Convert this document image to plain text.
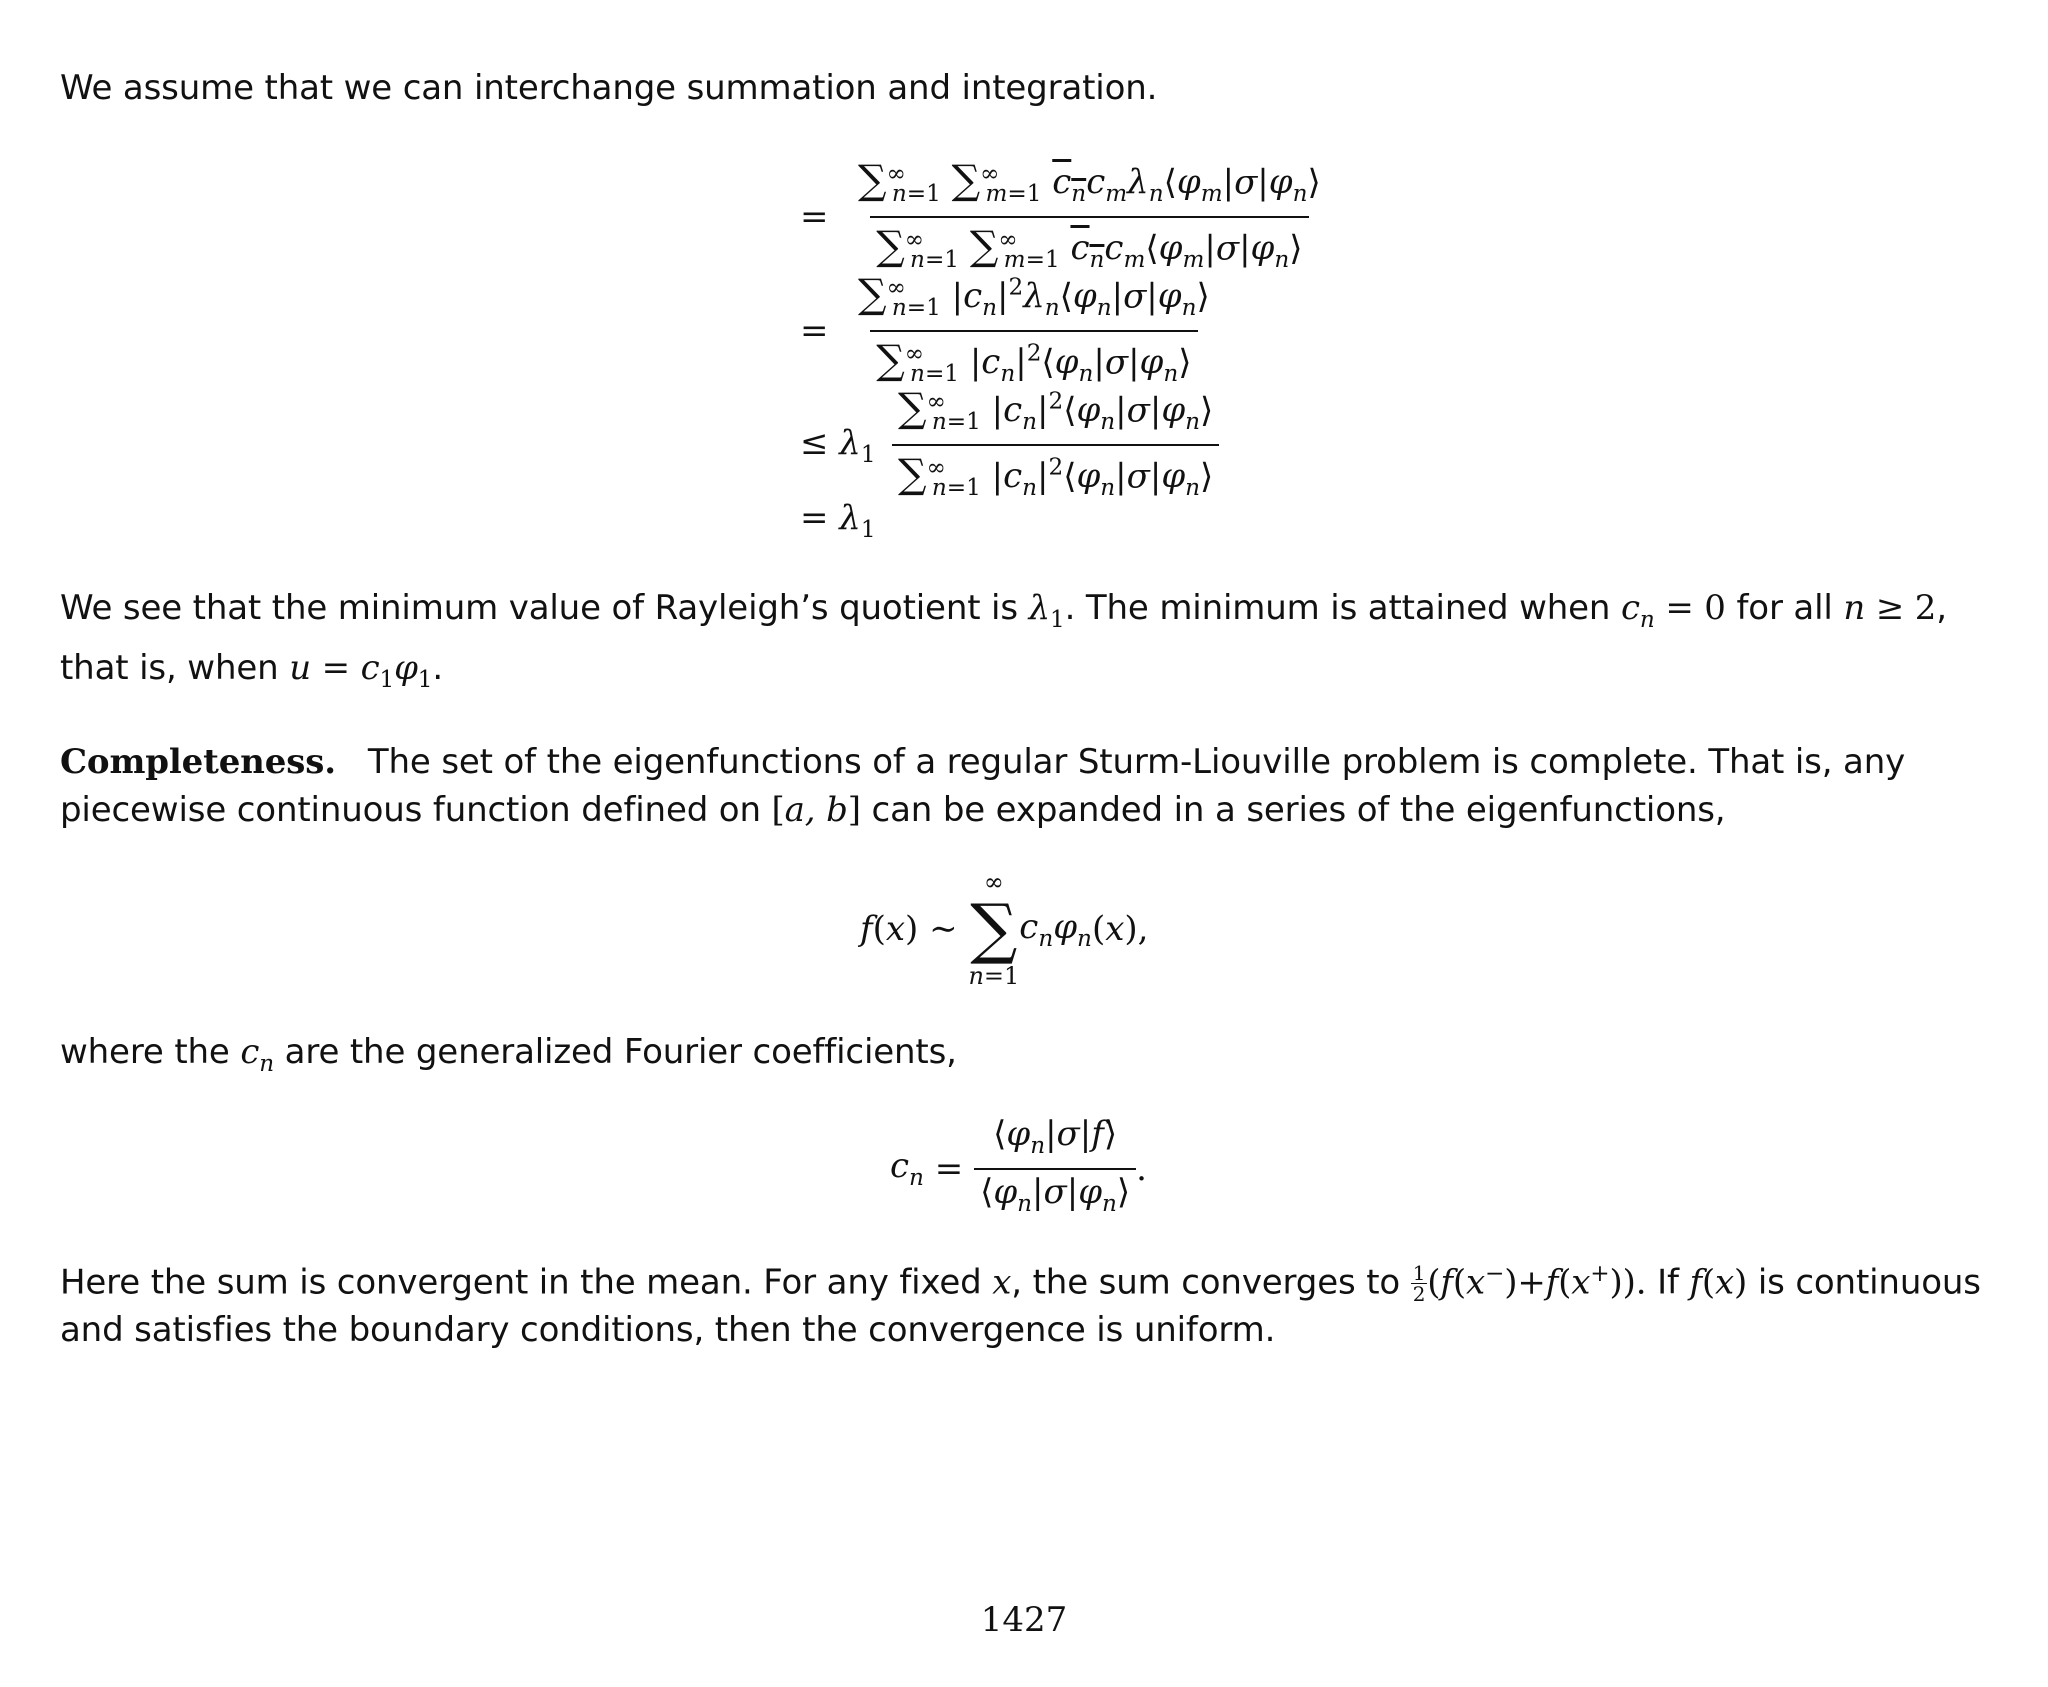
We assume that we can interchange summation and integration.
= $\frac{\sum^\infty_{n=1} \sum^\infty_{m=1} c_nc_m\lambda_n⟨\varphi_m|\sigma|\varphi_n⟩}{\sum^\infty_{n=1} \sum^\infty_{m=1} c_nc_m⟨\varphi_m|\sigma|\varphi_n⟩}$
= $\frac{\sum^\infty_{n=1} |c_n|^2\lambda_n⟨\varphi_n|\sigma|\varphi_n⟩}{\sum^\infty_{n=1} |c_n|^2⟨\varphi_n|\sigma|\varphi_n⟩}$
≤ $\lambda_1 \frac{\sum^\infty_{n=1} |c_n|^2⟨\varphi_n|\sigma|\varphi_n⟩}{\sum^\infty_{n=1} |c_n|^2⟨\varphi_n|\sigma|\varphi_n⟩}$
= $\lambda_1$
We see that the minimum value of Rayleigh’s quotient is $\lambda_1$. The minimum is attained when $c_n = 0$ for all n ≥ 2, that is, when $u = c_1\varphi_1$.
Completeness. The set of the eigenfunctions of a regular Sturm-Liouville problem is complete. That is, any piecewise continuous function defined on [a, b] can be expanded in a series of the eigenfunctions,
f ( x )
∼

∞
∑
n=1
$c_n\varphi_n$ ( x ),
where the $c_n$ are the generalized Fourier coefficients,
$c_n$
=
$\frac{⟨\varphi_n|\sigma|f⟩}{⟨\varphi_n|\sigma|\varphi_n⟩}$ .
Here the sum is convergent in the mean. For any fixed x, the sum converges to $\frac{1}{2} (f(x^-)+f(x^+))$. If f(x) is continuous and satisfies the boundary conditions, then the convergence is uniform.
1427
